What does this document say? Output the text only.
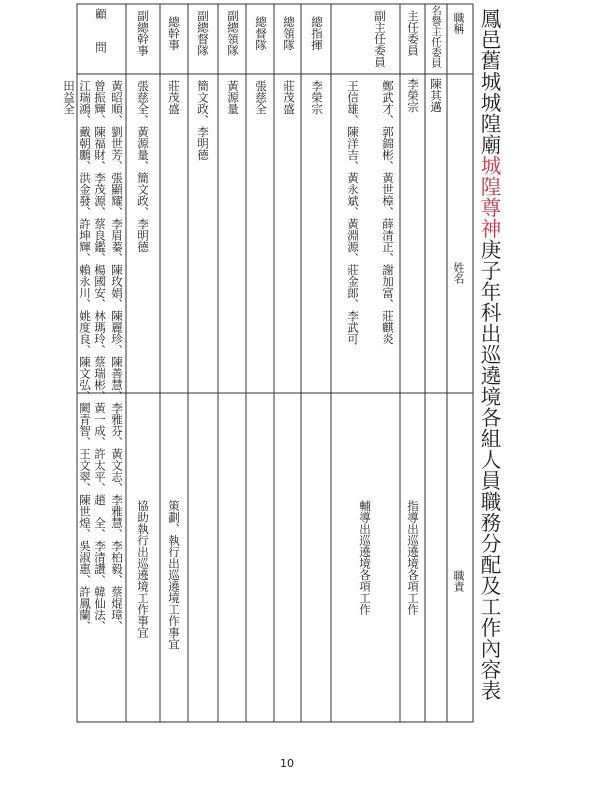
鳳邑舊城城隍廟城隍尊神庚子年科出巡遶境各組人員職務分配及工作內容表
職稱
姓名
職責
名譽主任委員
陳其邁
主任委員
李榮宗
指導出巡遶境各項工作
副主任委員
鄭武才、郭錦彬、黃世樟、薛清正、謝加富、莊麒炎
王信雄、陳洋吉、黃永斌、黃淵源、莊金郎、李武可
輔導出巡遶境各項工作
總指揮
李榮宗
總領隊
莊茂盛
總督隊
張慈全
副總領隊
黃源量
副總督隊
簡文政、李明德
總幹事
莊茂盛
策劃、執行出巡遶境工作事宜
副總幹事
張慈全、黃源量、簡文政、李明德
協助執行出巡遶境工作事宜
顧問
黃昭順、劉世芳、張顯耀、李眉蓁、陳玫娟、陳麗珍、陳善慧、李雅芬、黃文志、李雅慧、李柏毅、蔡焜璋、
曾振輝、陳福財、李茂源、蔡良鑑、楊國安、林瑪玲、蔡瑞彬、黃一成、許太平、趙　全、李清讚、韓仙法、
江瑞鴻、戴朝鵬、洪金發、許坤輝、賴永川、姚度良、陳文弘、闕青智、王文翠、陳世煌、吳淑惠、許鳳蘭、
田益全
10
